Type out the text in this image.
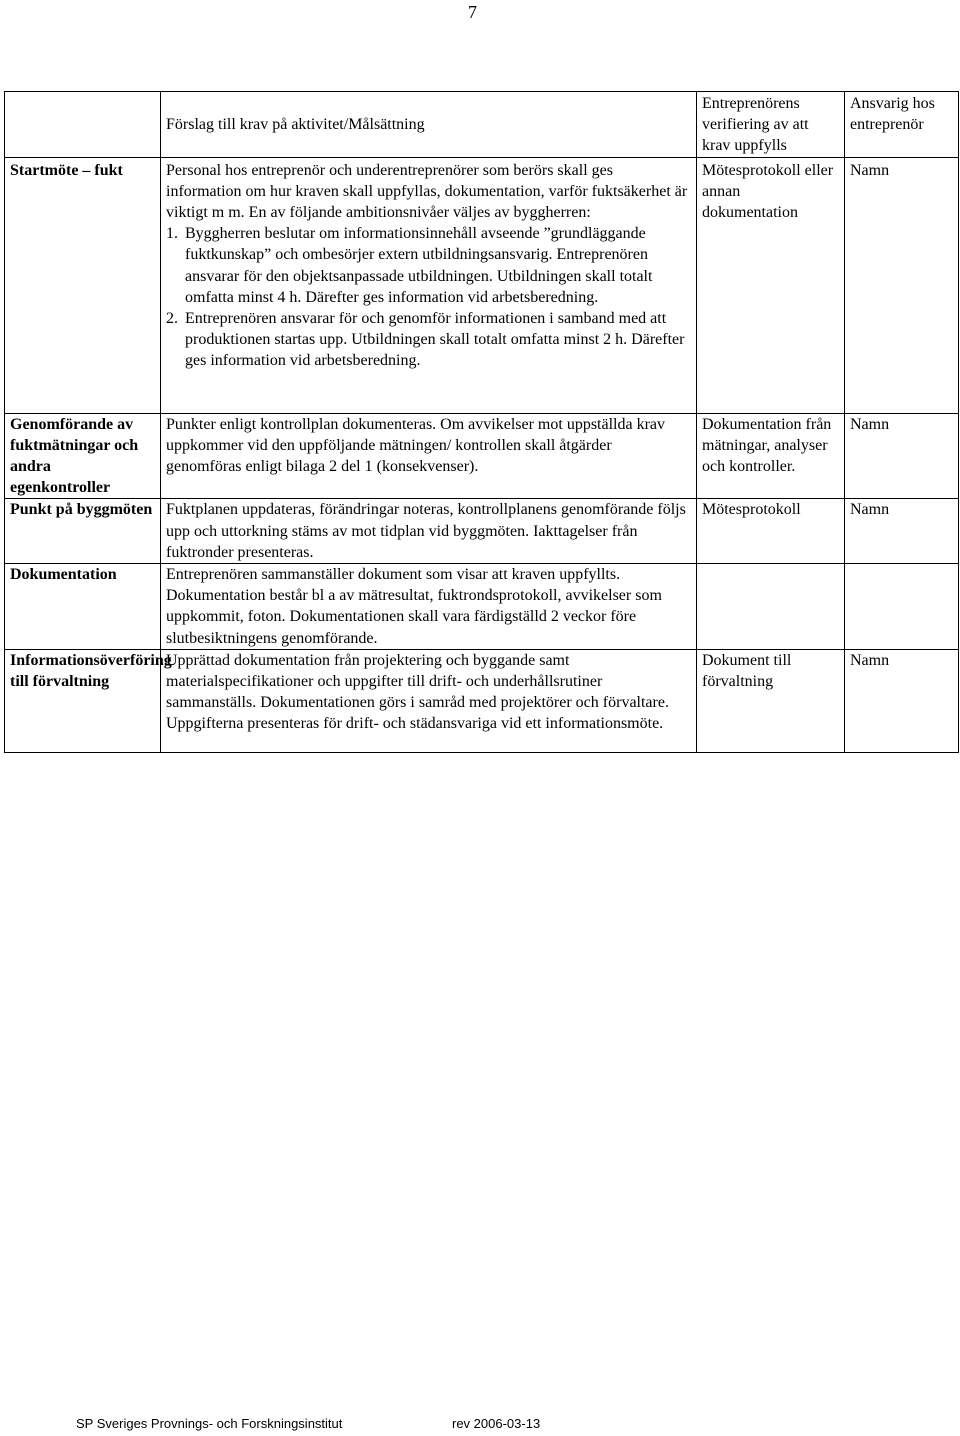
7
	Förslag till krav på aktivitet/Målsättning	Entreprenörens verifiering av att krav uppfylls	Ansvarig hos entreprenör

Startmöte – fukt	Personal hos entreprenör och underentreprenörer som berörs skall ges information om hur kraven skall uppfyllas, dokumentation, varför fuktsäkerhet är viktigt m m. En av följande ambitionsnivåer väljes av byggherren:
1. Byggherren beslutar om informationsinnehåll avseende ”grundläggande fuktkunskap” och ombesörjer extern utbildningsansvarig. Entreprenören ansvarar för den objektsanpassade utbildningen. Utbildningen skall totalt omfatta minst 4 h. Därefter ges information vid arbetsberedning.
2. Entreprenören ansvarar för och genomför informationen i samband med att produktionen startas upp. Utbildningen skall totalt omfatta minst 2 h. Därefter ges information vid arbetsberedning.	Mötesprotokoll eller annan dokumentation	Namn

Genomförande av fuktmätningar och andra egenkontroller	Punkter enligt kontrollplan dokumenteras. Om avvikelser mot uppställda krav uppkommer vid den uppföljande mätningen/ kontrollen skall åtgärder genomföras enligt bilaga 2 del 1 (konsekvenser).	Dokumentation från mätningar, analyser och kontroller.	Namn

Punkt på byggmöten	Fuktplanen uppdateras, förändringar noteras, kontrollplanens genomförande följs upp och uttorkning stäms av mot tidplan vid byggmöten. Iakttagelser från fuktronder presenteras.	Mötesprotokoll	Namn

Dokumentation	Entreprenören sammanställer dokument som visar att kraven uppfyllts. Dokumentation består bl a av mätresultat, fuktrondsprotokoll, avvikelser som uppkommit, foton. Dokumentationen skall vara färdigställd 2 veckor före slutbesiktningens genomförande.		

Informationsöverföring till förvaltning	Upprättad dokumentation från projektering och byggande samt materialspecifikationer och uppgifter till drift- och underhållsrutiner sammanställs. Dokumentationen görs i samråd med projektörer och förvaltare. Uppgifterna presenteras för drift- och städansvariga vid ett informationsmöte.	Dokument till förvaltning	Namn
SP Sveriges Provnings- och Forskningsinstitut	rev 2006-03-13
